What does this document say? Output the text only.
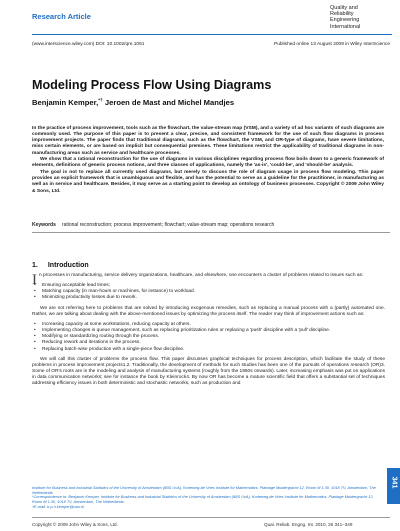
Research Article
Quality and
Reliability
Engineering
International
(www.interscience.wiley.com) DOI: 10.1002/qre.1061	Published online 13 August 2009 in Wiley InterScience
Modeling Process Flow Using Diagrams
Benjamin Kemper,*† Jeroen de Mast and Michel Mandjes

In the practice of process improvement, tools such as the flowchart, the value-stream map (VSM), and a variety of ad hoc variants of such diagrams are commonly used. The purpose of this paper is to present a clear, precise, and consistent framework for the use of such flow diagrams in process improvement projects. The paper finds that traditional diagrams, such as the flowchart, the VSM, and OR-type of diagrams, have severe limitations, miss certain elements, or are based on implicit but consequential premises. These limitations restrict the applicability of traditional diagrams in non-manufacturing areas such as service and healthcare processes.

We show that a rational reconstruction for the use of diagrams in various disciplines regarding process flow boils down to a generic framework of elements, definitions of generic process notions, and three classes of applications, namely the 'as-is', 'could-be', and 'should-be' analysis.

The goal is not to replace all currently used diagrams, but merely to discuss the role of diagram usage in process flow modeling. This paper provides an explicit framework that is unambiguous and flexible, and has the potential to serve as a guideline for the practitioner, in manufacturing as well as in service and healthcare. Besides, it may serve as a starting point to develop an ontology of business processes. Copyright © 2009 John Wiley & Sons, Ltd.

Keywords rational reconstruction; process improvement; flowchart; value-stream map; operations research
1. Introduction

In processes in manufacturing, service delivery organizations, healthcare, and elsewhere, one encounters a cluster of problems related to issues such as:

• Ensuring acceptable lead times;
• Matching capacity (in man-hours or machines, for instance) to workload.
• Minimizing productivity losses due to rework.

We are not referring here to problems that are solved by introducing exogenous remedies, such as replacing a manual process with a (partly) automated one. Rather, we are talking about dealing with the above-mentioned issues by optimizing the process itself. The reader may think of improvement actions such as:

• Increasing capacity at some workstations, reducing capacity at others.
• Implementing changes in queue management, such as replacing prioritization rules or replacing a 'push' discipline with a 'pull' discipline.
• Modifying or standardizing routing through the process.
• Reducing rework and iterations in the process.
• Replacing batch-wise production with a single-piece flow discipline.

We will call this cluster of problems the process flow. This paper discusses graphical techniques for process description, which facilitate the study of these problems in process improvement projects1,2. Traditionally, the development of methods for such studies has been one of the pursuits of operations research (OR)3. Some of OR's roots are in the modeling and analysis of manufacturing systems (roughly from the 1950s onwards). Later, increasing emphasis was put on applications in data communication networks; see for instance the book by Kleinrock4. By now OR has become a mature scientific field that offers a substantial set of techniques addressing efficiency issues in both deterministic and stochastic networks, such as production and

Institute for Business and Industrial Statistics of the University of Amsterdam (IBIS UvA), Korteweg-de Vries Institute for Mathematics, Plantage Muidergracht 12, Room M 1.30, 1018 TV, Amsterdam, The Netherlands

*Correspondence to: Benjamin Kemper, Institute for Business and Industrial Statistics of the University of Amsterdam (IBIS UvA), Korteweg-de Vries Institute for Mathematics, Plantage Muidergracht 12, Room M 1.30, 1018 TV, Amsterdam, The Netherlands.

†E-mail: b.p.h.kemper@uva.nl

Copyright © 2009 John Wiley & Sons, Ltd.	Qual. Reliab. Engng. Int. 2010, 26 341–349
341
